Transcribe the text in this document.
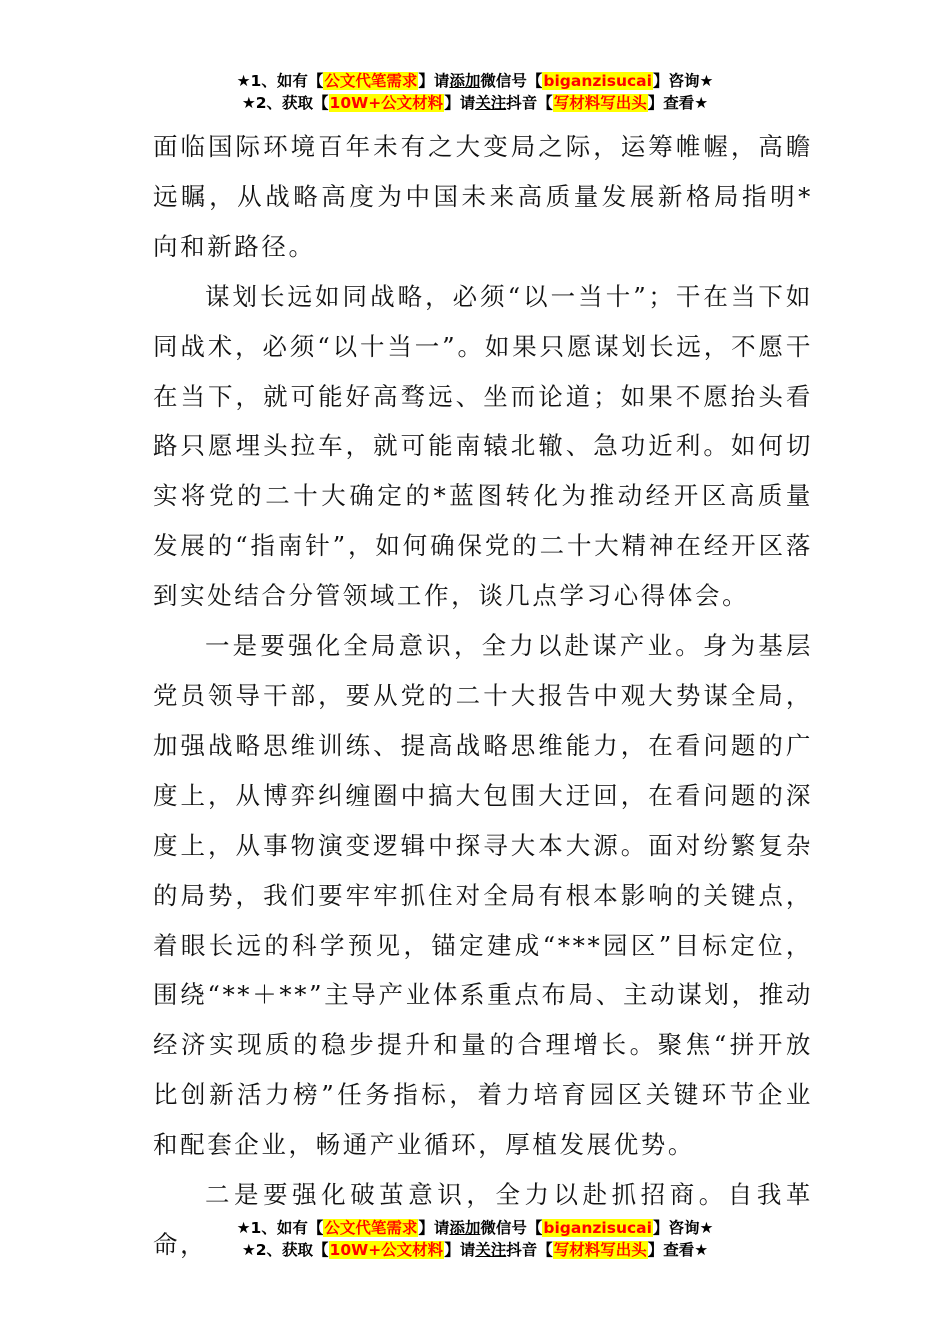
★1、如有【公文代笔需求】请添加微信号【biganzisucai】咨询★
★2、获取【10W+公文材料】请关注抖音【写材料写出头】查看★

面临国际环境百年未有之大变局之际，运筹帷幄，高瞻远瞩，从战略高度为中国未来高质量发展新格局指明*向和新路径。

谋划长远如同战略，必须“以一当十”；干在当下如同战术，必须“以十当一”。如果只愿谋划长远，不愿干在当下，就可能好高骛远、坐而论道；如果不愿抬头看路只愿埋头拉车，就可能南辕北辙、急功近利。如何切实将党的二十大确定的*蓝图转化为推动经开区高质量发展的“指南针”，如何确保党的二十大精神在经开区落到实处结合分管领域工作，谈几点学习心得体会。

一是要强化全局意识，全力以赴谋产业。身为基层党员领导干部，要从党的二十大报告中观大势谋全局，加强战略思维训练、提高战略思维能力，在看问题的广度上，从博弈纠缠圈中搞大包围大迂回，在看问题的深度上，从事物演变逻辑中探寻大本大源。面对纷繁复杂的局势，我们要牢牢抓住对全局有根本影响的关键点，着眼长远的科学预见，锚定建成“***园区”目标定位，围绕“**＋**”主导产业体系重点布局、主动谋划，推动经济实现质的稳步提升和量的合理增长。聚焦“拼开放比创新活力榜”任务指标，着力培育园区关键环节企业和配套企业，畅通产业循环，厚植发展优势。

二是要强化破茧意识，全力以赴抓招商。自我革命，

★1、如有【公文代笔需求】请添加微信号【biganzisucai】咨询★
★2、获取【10W+公文材料】请关注抖音【写材料写出头】查看★
